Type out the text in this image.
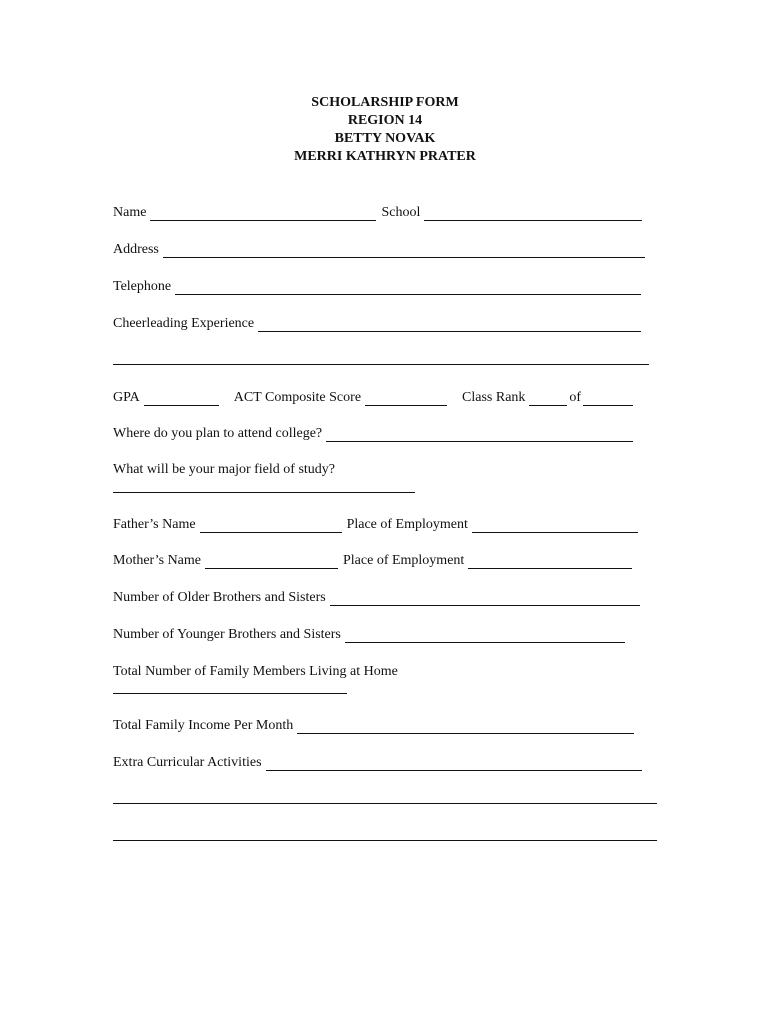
SCHOLARSHIP FORM
REGION 14
BETTY NOVAK
MERRI KATHRYN PRATER
Name	School
Address
Telephone
Cheerleading Experience
GPA	ACT Composite Score	Class Rank	of
Where do you plan to attend college?
What will be your major field of study?
Father’s Name	Place of Employment
Mother’s Name	Place of Employment
Number of Older Brothers and Sisters
Number of Younger Brothers and Sisters
Total Number of Family Members Living at Home
Total Family Income Per Month
Extra Curricular Activities
